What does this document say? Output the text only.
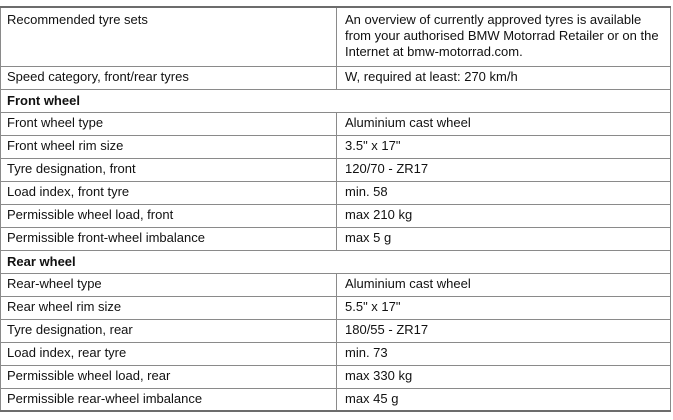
Recommended tyre sets	An overview of currently approved tyres is available from your authorised BMW Motorrad Retailer or on the Internet at bmw-motorrad.com.
Speed category, front/rear tyres	W, required at least: 270 km/h
Front wheel	
Front wheel type	Aluminium cast wheel
Front wheel rim size	3.5" x 17"
Tyre designation, front	120/70 - ZR17
Load index, front tyre	min. 58
Permissible wheel load, front	max 210 kg
Permissible front-wheel imbalance	max 5 g
Rear wheel	
Rear-wheel type	Aluminium cast wheel
Rear wheel rim size	5.5" x 17"
Tyre designation, rear	180/55 - ZR17
Load index, rear tyre	min. 73
Permissible wheel load, rear	max 330 kg
Permissible rear-wheel imbalance	max 45 g
